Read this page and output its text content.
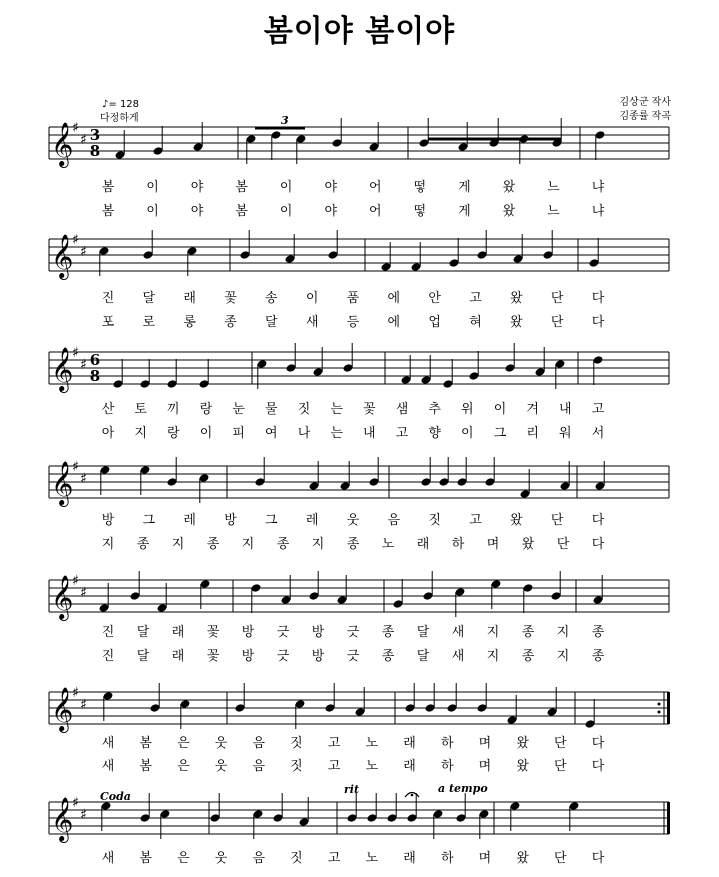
봄이야 봄이야
♪= 128
다정하게
김상군 작사
김종률 작곡
𝄞
♯
♯ 3
8
봄 이 야 봄 이 야 어 떻 게 왔 느 냐
봄 이 야 봄 이 야 어 떻 게 왔 느 냐
𝄞
♯
♯
진 달 래 꽃 송 이 품 에 안 고 왔 단 다
포 로 롱 종 달 새 등 에 업 혀 왔 단 다
𝄞
♯
♯ 6
8
산 토 끼 랑 눈 물 짓 는 꽃 샘 추 위 이 겨 내 고
아 지 랑 이 피 여 나 는 내 고 향 이 그 리 워 서
𝄞
♯
♯
방 그 레 방 그 레 웃 음 짓 고 왔 단 다
지 종 지 종 지 종 지 종 노 래 하 며 왔 단 다
𝄞
♯
♯
진 달 래 꽃 방 긋 방 긋 종 달 새 지 종 지 종
진 달 래 꽃 방 긋 방 긋 종 달 새 지 종 지 종
𝄞
♯
♯
새 봄 은 웃 음 짓 고 노 래 하 며 왔 단 다
새 봄 은 웃 음 짓 고 노 래 하 며 왔 단 다
𝄞
♯
♯
새 봄 은 웃 음 짓 고 노 래 하 며 왔 단 다
3
Coda
rit	a tempo
